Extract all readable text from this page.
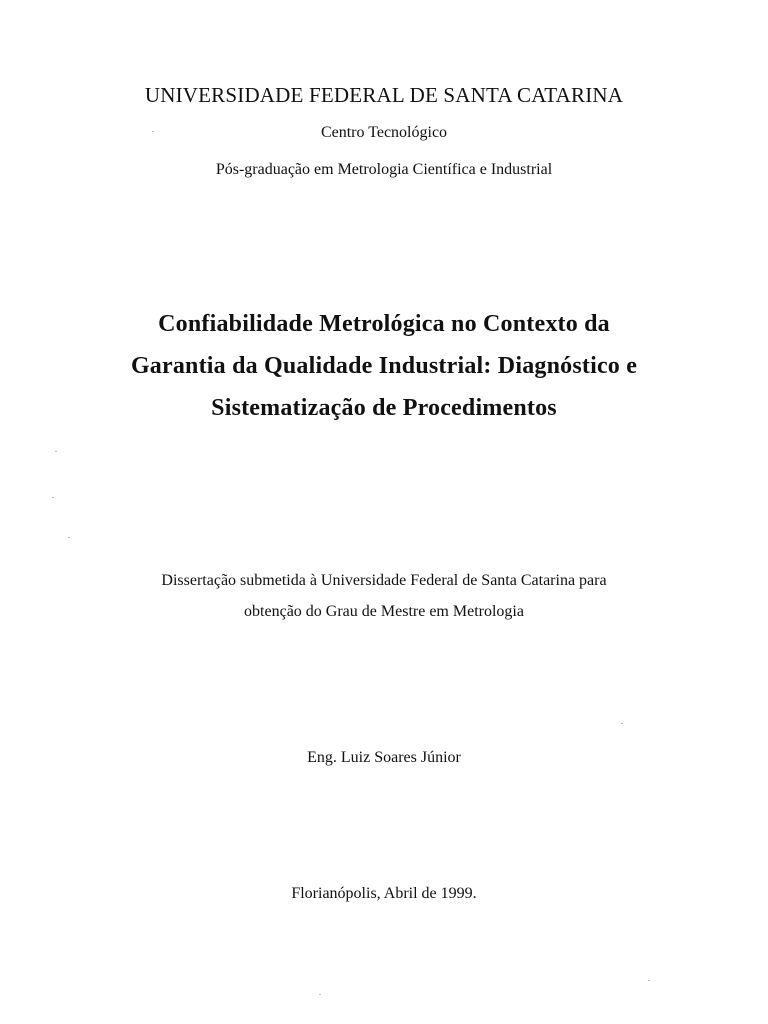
UNIVERSIDADE FEDERAL DE SANTA CATARINA
Centro Tecnológico
Pós-graduação em Metrologia Científica e Industrial
Confiabilidade Metrológica no Contexto da
Garantia da Qualidade Industrial: Diagnóstico e
Sistematização de Procedimentos
Dissertação submetida à Universidade Federal de Santa Catarina para
obtenção do Grau de Mestre em Metrologia
Eng. Luiz Soares Júnior
Florianópolis, Abril de 1999.
